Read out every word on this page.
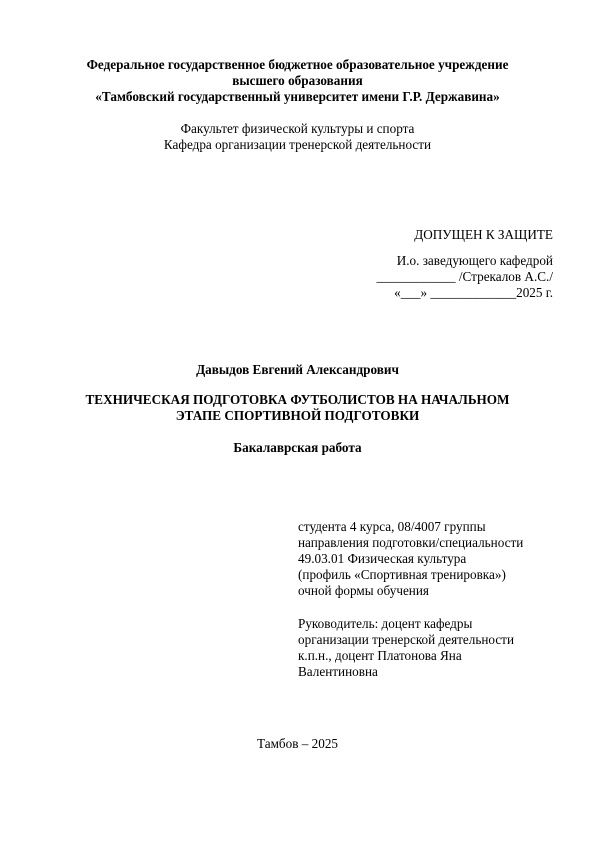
Федеральное государственное бюджетное образовательное учреждение
высшего образования
«Тамбовский государственный университет имени Г.Р. Державина»
Факультет физической культуры и спорта
Кафедра организации тренерской деятельности
ДОПУЩЕН К ЗАЩИТЕ
И.о. заведующего кафедрой
____________ /Стрекалов А.С./
«___» _____________2025 г.
Давыдов Евгений Александрович
ТЕХНИЧЕСКАЯ ПОДГОТОВКА ФУТБОЛИСТОВ НА НАЧАЛЬНОМ
ЭТАПЕ СПОРТИВНОЙ ПОДГОТОВКИ
Бакалаврская работа
студента 4 курса, 08/4007 группы
направления подготовки/специальности
49.03.01 Физическая культура
(профиль «Спортивная тренировка»)
очной формы обучения
Руководитель: доцент кафедры
организации тренерской деятельности
к.п.н., доцент Платонова Яна
Валентиновна
Тамбов – 2025
